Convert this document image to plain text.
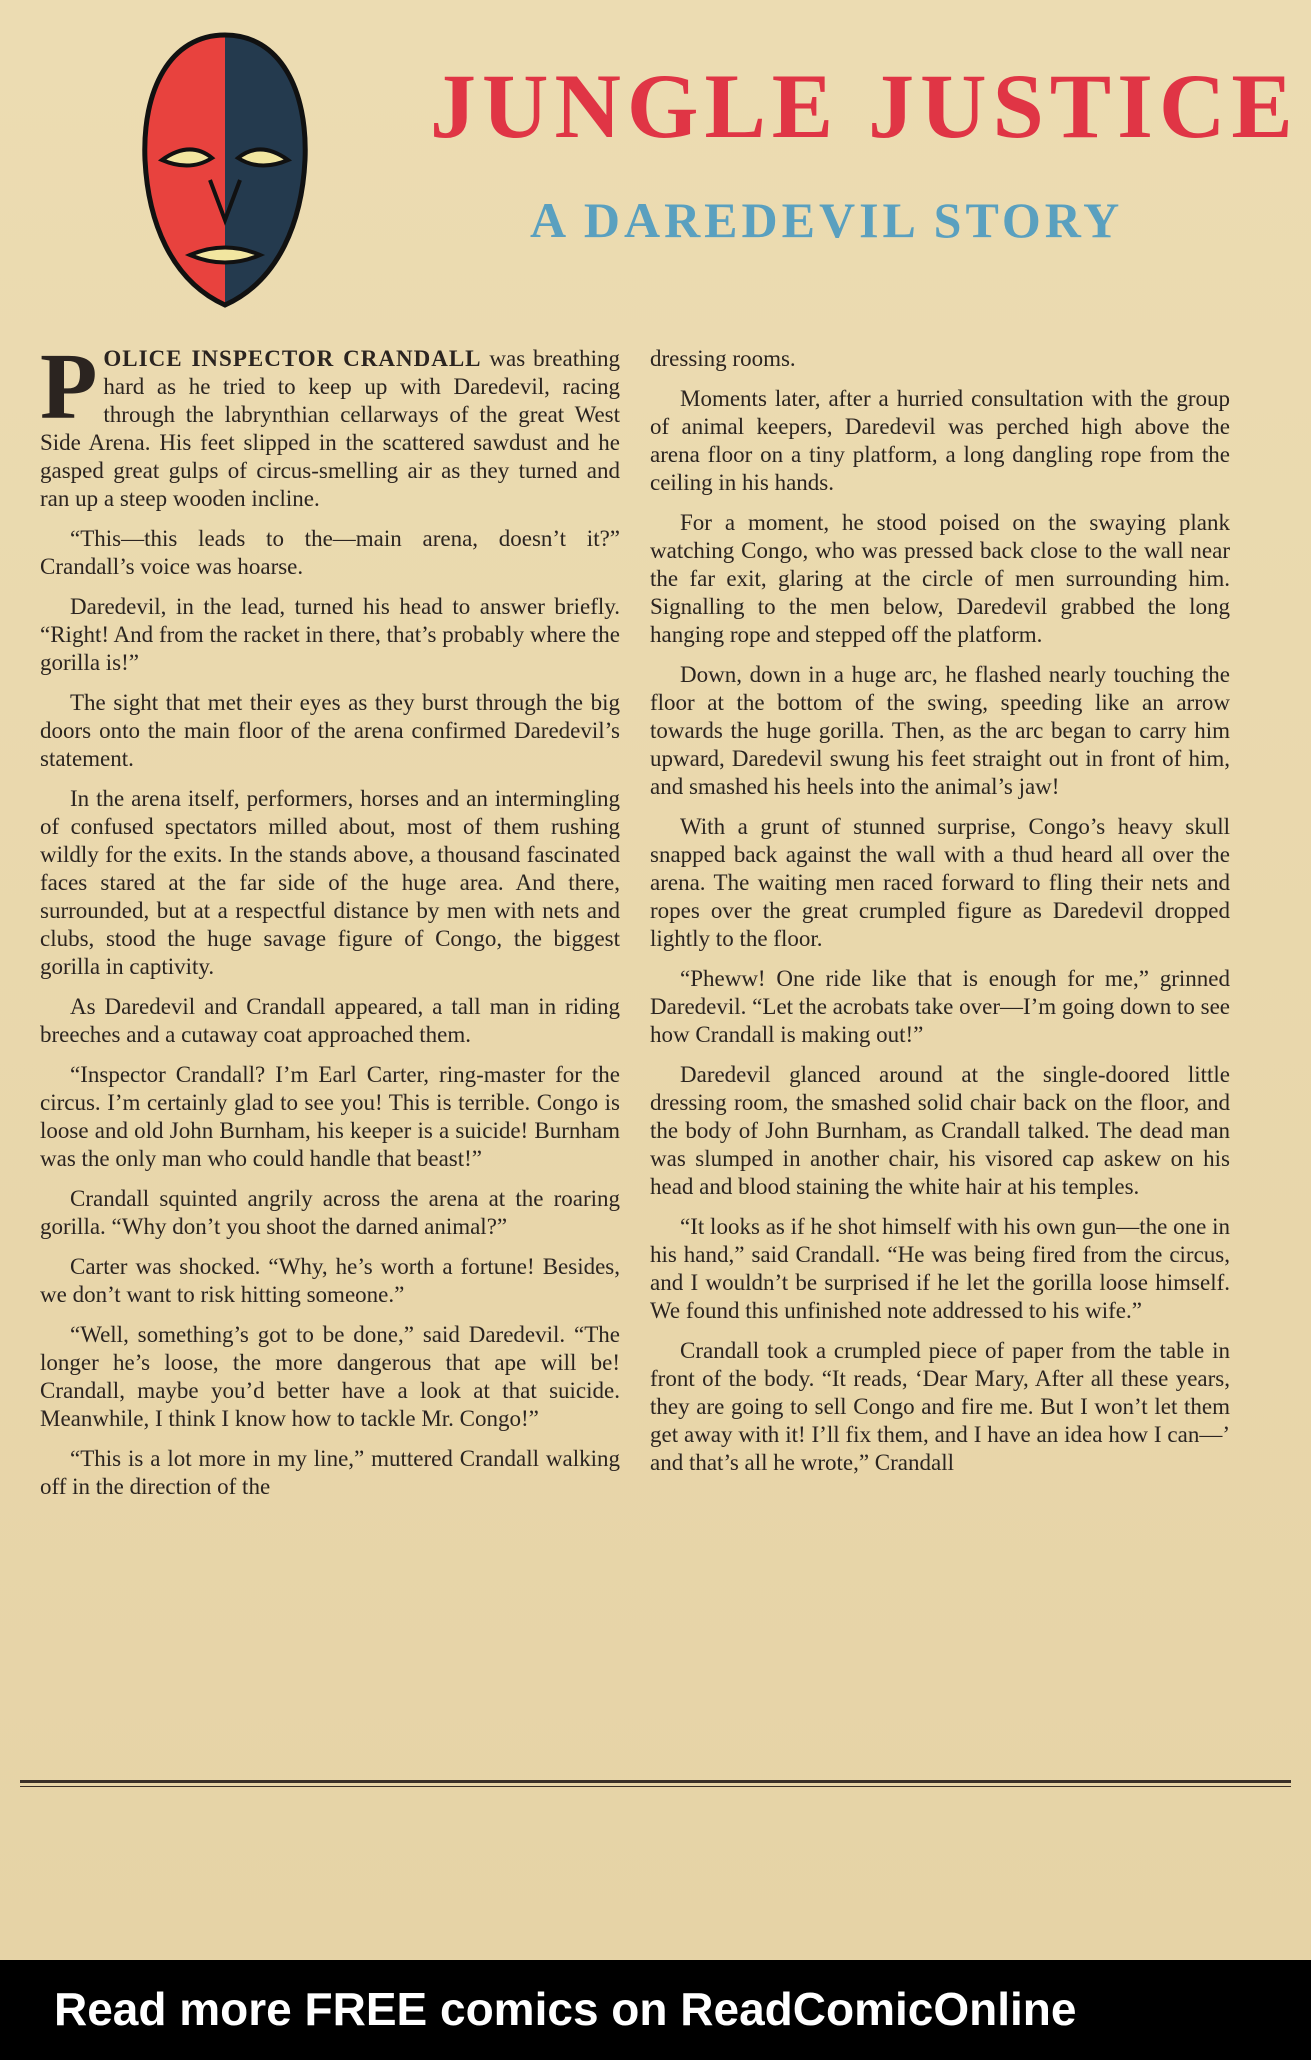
JUNGLE JUSTICE
A DAREDEVIL STORY

POLICE INSPECTOR CRANDALL was breathing hard as he tried to keep up with Daredevil, racing through the labrynthian cellarways of the great West Side Arena. His feet slipped in the scattered sawdust and he gasped great gulps of circus-smelling air as they turned and ran up a steep wooden incline.

“This—this leads to the—main arena, doesn’t it?” Crandall’s voice was hoarse.

Daredevil, in the lead, turned his head to answer briefly. “Right! And from the racket in there, that’s probably where the gorilla is!”

The sight that met their eyes as they burst through the big doors onto the main floor of the arena confirmed Daredevil’s statement.

In the arena itself, performers, horses and an intermingling of confused spectators milled about, most of them rushing wildly for the exits. In the stands above, a thousand fascinated faces stared at the far side of the huge area. And there, surrounded, but at a respectful distance by men with nets and clubs, stood the huge savage figure of Congo, the biggest gorilla in captivity.

As Daredevil and Crandall appeared, a tall man in riding breeches and a cutaway coat approached them.

“Inspector Crandall? I’m Earl Carter, ring-master for the circus. I’m certainly glad to see you! This is terrible. Congo is loose and old John Burnham, his keeper is a suicide! Burnham was the only man who could handle that beast!”

Crandall squinted angrily across the arena at the roaring gorilla. “Why don’t you shoot the darned animal?”

Carter was shocked. “Why, he’s worth a fortune! Besides, we don’t want to risk hitting someone.”

“Well, something’s got to be done,” said Daredevil. “The longer he’s loose, the more dangerous that ape will be! Crandall, maybe you’d better have a look at that suicide. Meanwhile, I think I know how to tackle Mr. Congo!”

“This is a lot more in my line,” muttered Crandall walking off in the direction of the

dressing rooms.

Moments later, after a hurried consultation with the group of animal keepers, Daredevil was perched high above the arena floor on a tiny platform, a long dangling rope from the ceiling in his hands.

For a moment, he stood poised on the swaying plank watching Congo, who was pressed back close to the wall near the far exit, glaring at the circle of men surrounding him. Signalling to the men below, Daredevil grabbed the long hanging rope and stepped off the platform.

Down, down in a huge arc, he flashed nearly touching the floor at the bottom of the swing, speeding like an arrow towards the huge gorilla. Then, as the arc began to carry him upward, Daredevil swung his feet straight out in front of him, and smashed his heels into the animal’s jaw!

With a grunt of stunned surprise, Congo’s heavy skull snapped back against the wall with a thud heard all over the arena. The waiting men raced forward to fling their nets and ropes over the great crumpled figure as Daredevil dropped lightly to the floor.

“Pheww! One ride like that is enough for me,” grinned Daredevil. “Let the acrobats take over—I’m going down to see how Crandall is making out!”

Daredevil glanced around at the single-doored little dressing room, the smashed solid chair back on the floor, and the body of John Burnham, as Crandall talked. The dead man was slumped in another chair, his visored cap askew on his head and blood staining the white hair at his temples.

“It looks as if he shot himself with his own gun—the one in his hand,” said Crandall. “He was being fired from the circus, and I wouldn’t be surprised if he let the gorilla loose himself. We found this unfinished note addressed to his wife.”

Crandall took a crumpled piece of paper from the table in front of the body. “It reads, ‘Dear Mary, After all these years, they are going to sell Congo and fire me. But I won’t let them get away with it! I’ll fix them, and I have an idea how I can—’ and that’s all he wrote,” Crandall

Read more FREE comics on ReadComicOnline
